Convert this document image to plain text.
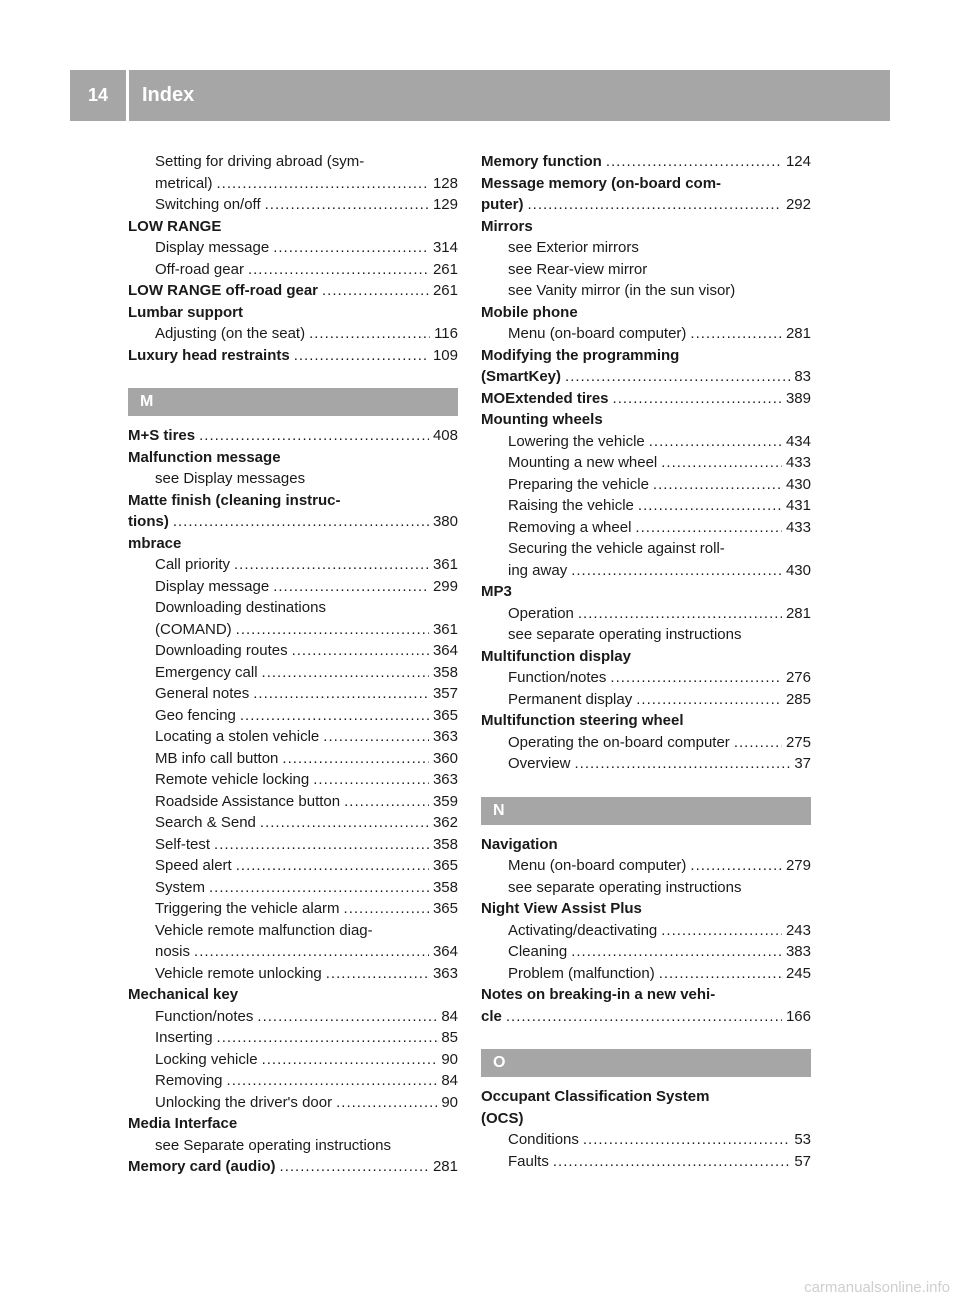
14	Index
Setting for driving abroad (sym-
metrical) .....	128
Switching on/off .....	129
LOW RANGE
Display message .....	314
Off-road gear .....	261
LOW RANGE off-road gear .....	261
Lumbar support
Adjusting (on the seat) .....	116
Luxury head restraints .....	109
M
M+S tires .....	408
Malfunction message
see Display messages
Matte finish (cleaning instruc-
tions) .....	380
mbrace
Call priority .....	361
Display message .....	299
Downloading destinations
(COMAND) .....	361
Downloading routes .....	364
Emergency call .....	358
General notes .....	357
Geo fencing .....	365
Locating a stolen vehicle .....	363
MB info call button .....	360
Remote vehicle locking .....	363
Roadside Assistance button .....	359
Search & Send .....	362
Self-test .....	358
Speed alert .....	365
System .....	358
Triggering the vehicle alarm .....	365
Vehicle remote malfunction diag-
nosis .....	364
Vehicle remote unlocking .....	363
Mechanical key
Function/notes .....	84
Inserting .....	85
Locking vehicle .....	90
Removing .....	84
Unlocking the driver's door .....	90
Media Interface
see Separate operating instructions
Memory card (audio) .....	281
Memory function .....	124
Message memory (on-board com-
puter) .....	292
Mirrors
see Exterior mirrors
see Rear-view mirror
see Vanity mirror (in the sun visor)
Mobile phone
Menu (on-board computer) .....	281
Modifying the programming
(SmartKey) .....	83
MOExtended tires .....	389
Mounting wheels
Lowering the vehicle .....	434
Mounting a new wheel .....	433
Preparing the vehicle .....	430
Raising the vehicle .....	431
Removing a wheel .....	433
Securing the vehicle against roll-
ing away .....	430
MP3
Operation .....	281
see separate operating instructions
Multifunction display
Function/notes .....	276
Permanent display .....	285
Multifunction steering wheel
Operating the on-board computer .....	275
Overview .....	37
N
Navigation
Menu (on-board computer) .....	279
see separate operating instructions
Night View Assist Plus
Activating/deactivating .....	243
Cleaning .....	383
Problem (malfunction) .....	245
Notes on breaking-in a new vehi-
cle .....	166
O
Occupant Classification System
(OCS)
Conditions .....	53
Faults .....	57
carmanualsonline.info
